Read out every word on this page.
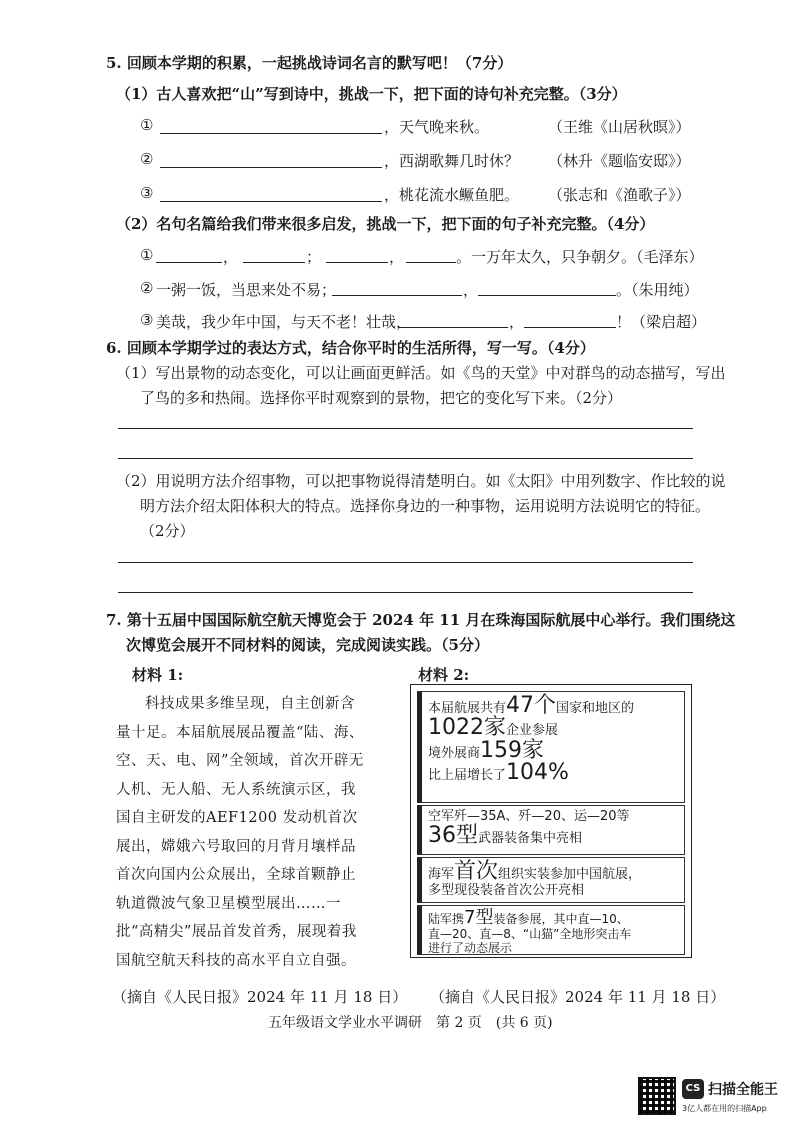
5. 回顾本学期的积累，一起挑战诗词名言的默写吧！（7分）
（1）古人喜欢把“山”写到诗中，挑战一下，把下面的诗句补充完整。（3分）
①	，天气晚来秋。	（王维《山居秋暝》）
②	，西湖歌舞几时休？ （林升《题临安邸》）
③	，桃花流水鳜鱼肥。 （张志和《渔歌子》）
（2）名句名篇给我们带来很多启发，挑战一下，把下面的句子补充完整。（4分）
①	，	；	，	。一万年太久，只争朝夕。（毛泽东）
② 一粥一饭，当思来处不易；	，	。（朱用纯）
③ 美哉，我少年中国，与天不老！壮哉，	，	！（梁启超）
6. 回顾本学期学过的表达方式，结合你平时的生活所得，写一写。（4分）
（1）写出景物的动态变化，可以让画面更鲜活。如《鸟的天堂》中对群鸟的动态描写，写出
了鸟的多和热闹。选择你平时观察到的景物，把它的变化写下来。（2分）
（2）用说明方法介绍事物，可以把事物说得清楚明白。如《太阳》中用列数字、作比较的说
明方法介绍太阳体积大的特点。选择你身边的一种事物，运用说明方法说明它的特征。
（2分）
7. 第十五届中国国际航空航天博览会于 2024 年 11 月在珠海国际航展中心举行。我们围绕这
次博览会展开不同材料的阅读，完成阅读实践。（5分）
材料 1:

科技成果多维呈现，自主创新含量十足。本届航展展品覆盖“陆、海、空、天、电、网”全领域，首次开辟无人机、无人船、无人系统演示区，我国自主研发的AEF1200 发动机首次展出，嫦娥六号取回的月背月壤样品首次向国内公众展出，全球首颗静止轨道微波气象卫星模型展出……一批“高精尖”展品首发首秀，展现着我国航空航天科技的高水平自立自强。

材料 2:
本届航展共有47个国家和地区的
1022家企业参展
境外展商159家
比上届增长了104%
空军歼—35A、歼—20、运—20等
36型武器装备集中亮相
海军首次组织实装参加中国航展，
多型现役装备首次公开亮相
陆军携7型装备参展，其中直—10、
直—20、直—8、“山猫”全地形突击车
进行了动态展示
（摘自《人民日报》2024 年 11 月 18 日） （摘自《人民日报》2024 年 11 月 18 日）
五年级语文学业水平调研　第 2 页　(共 6 页)
CS 扫描全能王
3亿人都在用的扫描App
